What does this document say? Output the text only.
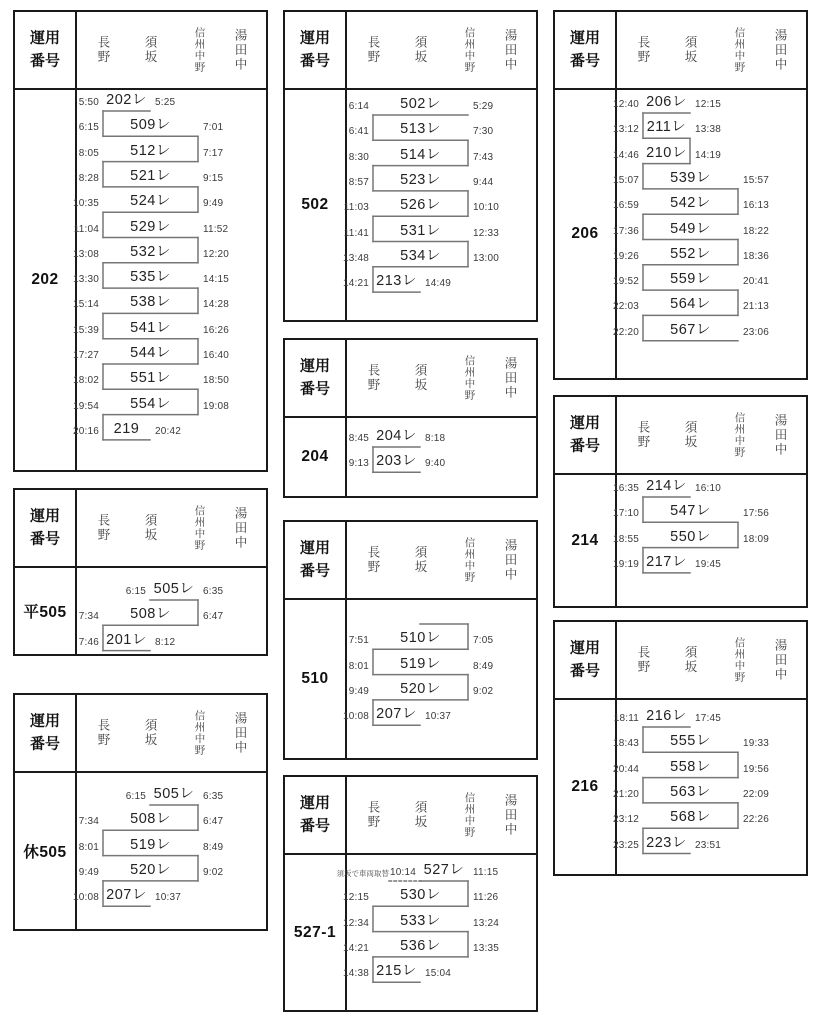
運用番号	長野	須坂	信州中野 湯田中
202
202レ
5:50	5:25
509レ
6:15	7:01
512レ
8:05	7:17
521レ
8:28	9:15
524レ
10:35	9:49
529レ
11:04	11:52
532レ
13:08	12:20
535レ
13:30	14:15
538レ
15:14	14:28
541レ
15:39	16:26
544レ
17:27	16:40
551レ
18:02	18:50
554レ
19:54	19:08
219
20:16	20:42
運用番号	長野	須坂	信州中野 湯田中
平505
505レ
6:15	6:35
508レ
7:34	6:47
201レ
7:46	8:12
運用番号	長野	須坂	信州中野 湯田中
休505
505レ
6:15	6:35
508レ
7:34	6:47
519レ
8:01	8:49
520レ
9:49	9:02
207レ
10:08	10:37
運用番号	長野	須坂	信州中野 湯田中
502
502レ
6:14	5:29
513レ
6:41	7:30
514レ
8:30	7:43
523レ
8:57	9:44
526レ
11:03	10:10
531レ
11:41	12:33
534レ
13:48	13:00
213レ
14:21	14:49
運用番号	長野	須坂	信州中野 湯田中
204
204レ
8:45	8:18
203レ
9:13	9:40
運用番号	長野	須坂	信州中野 湯田中
510
510レ
7:51	7:05
519レ
8:01	8:49
520レ
9:49	9:02
207レ
10:08	10:37
運用番号	長野	須坂	信州中野 湯田中
527-1
527レ
10:14	11:15
須坂で車両取替
530レ
12:15	11:26
533レ
12:34	13:24
536レ
14:21	13:35
215レ
14:38	15:04
運用番号	長野	須坂	信州中野 湯田中
206
206レ
12:40	12:15
211レ
13:12	13:38
210レ
14:46	14:19
539レ
15:07	15:57
542レ
16:59	16:13
549レ
17:36	18:22
552レ
19:26	18:36
559レ
19:52	20:41
564レ
22:03	21:13
567レ
22:20	23:06
運用番号	長野	須坂	信州中野 湯田中
214
214レ
16:35	16:10
547レ
17:10	17:56
550レ
18:55	18:09
217レ
19:19	19:45
運用番号	長野	須坂	信州中野 湯田中
216
216レ
18:11	17:45
555レ
18:43	19:33
558レ
20:44	19:56
563レ
21:20	22:09
568レ
23:12	22:26
223レ
23:25	23:51
